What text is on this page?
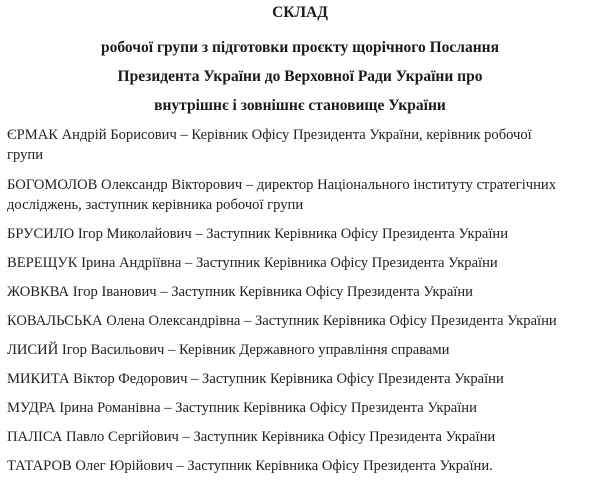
СКЛАД
робочої групи з підготовки проєкту щорічного Послання
Президента України до Верховної Ради України про
внутрішнє і зовнішнє становище України
ЄРМАК Андрій Борисович – Керівник Офісу Президента України, керівник робочої
групи
БОГОМОЛОВ Олександр Вікторович – директор Національного інституту стратегічних
досліджень, заступник керівника робочої групи
БРУСИЛО Ігор Миколайович – Заступник Керівника Офісу Президента України
ВЕРЕЩУК Ірина Андріївна – Заступник Керівника Офісу Президента України
ЖОВКВА Ігор Іванович – Заступник Керівника Офісу Президента України
КОВАЛЬСЬКА Олена Олександрівна – Заступник Керівника Офісу Президента України
ЛИСИЙ Ігор Васильович – Керівник Державного управління справами
МИКИТА Віктор Федорович – Заступник Керівника Офісу Президента України
МУДРА Ірина Романівна – Заступник Керівника Офісу Президента України
ПАЛІСА Павло Сергійович – Заступник Керівника Офісу Президента України
ТАТАРОВ Олег Юрійович – Заступник Керівника Офісу Президента України.
